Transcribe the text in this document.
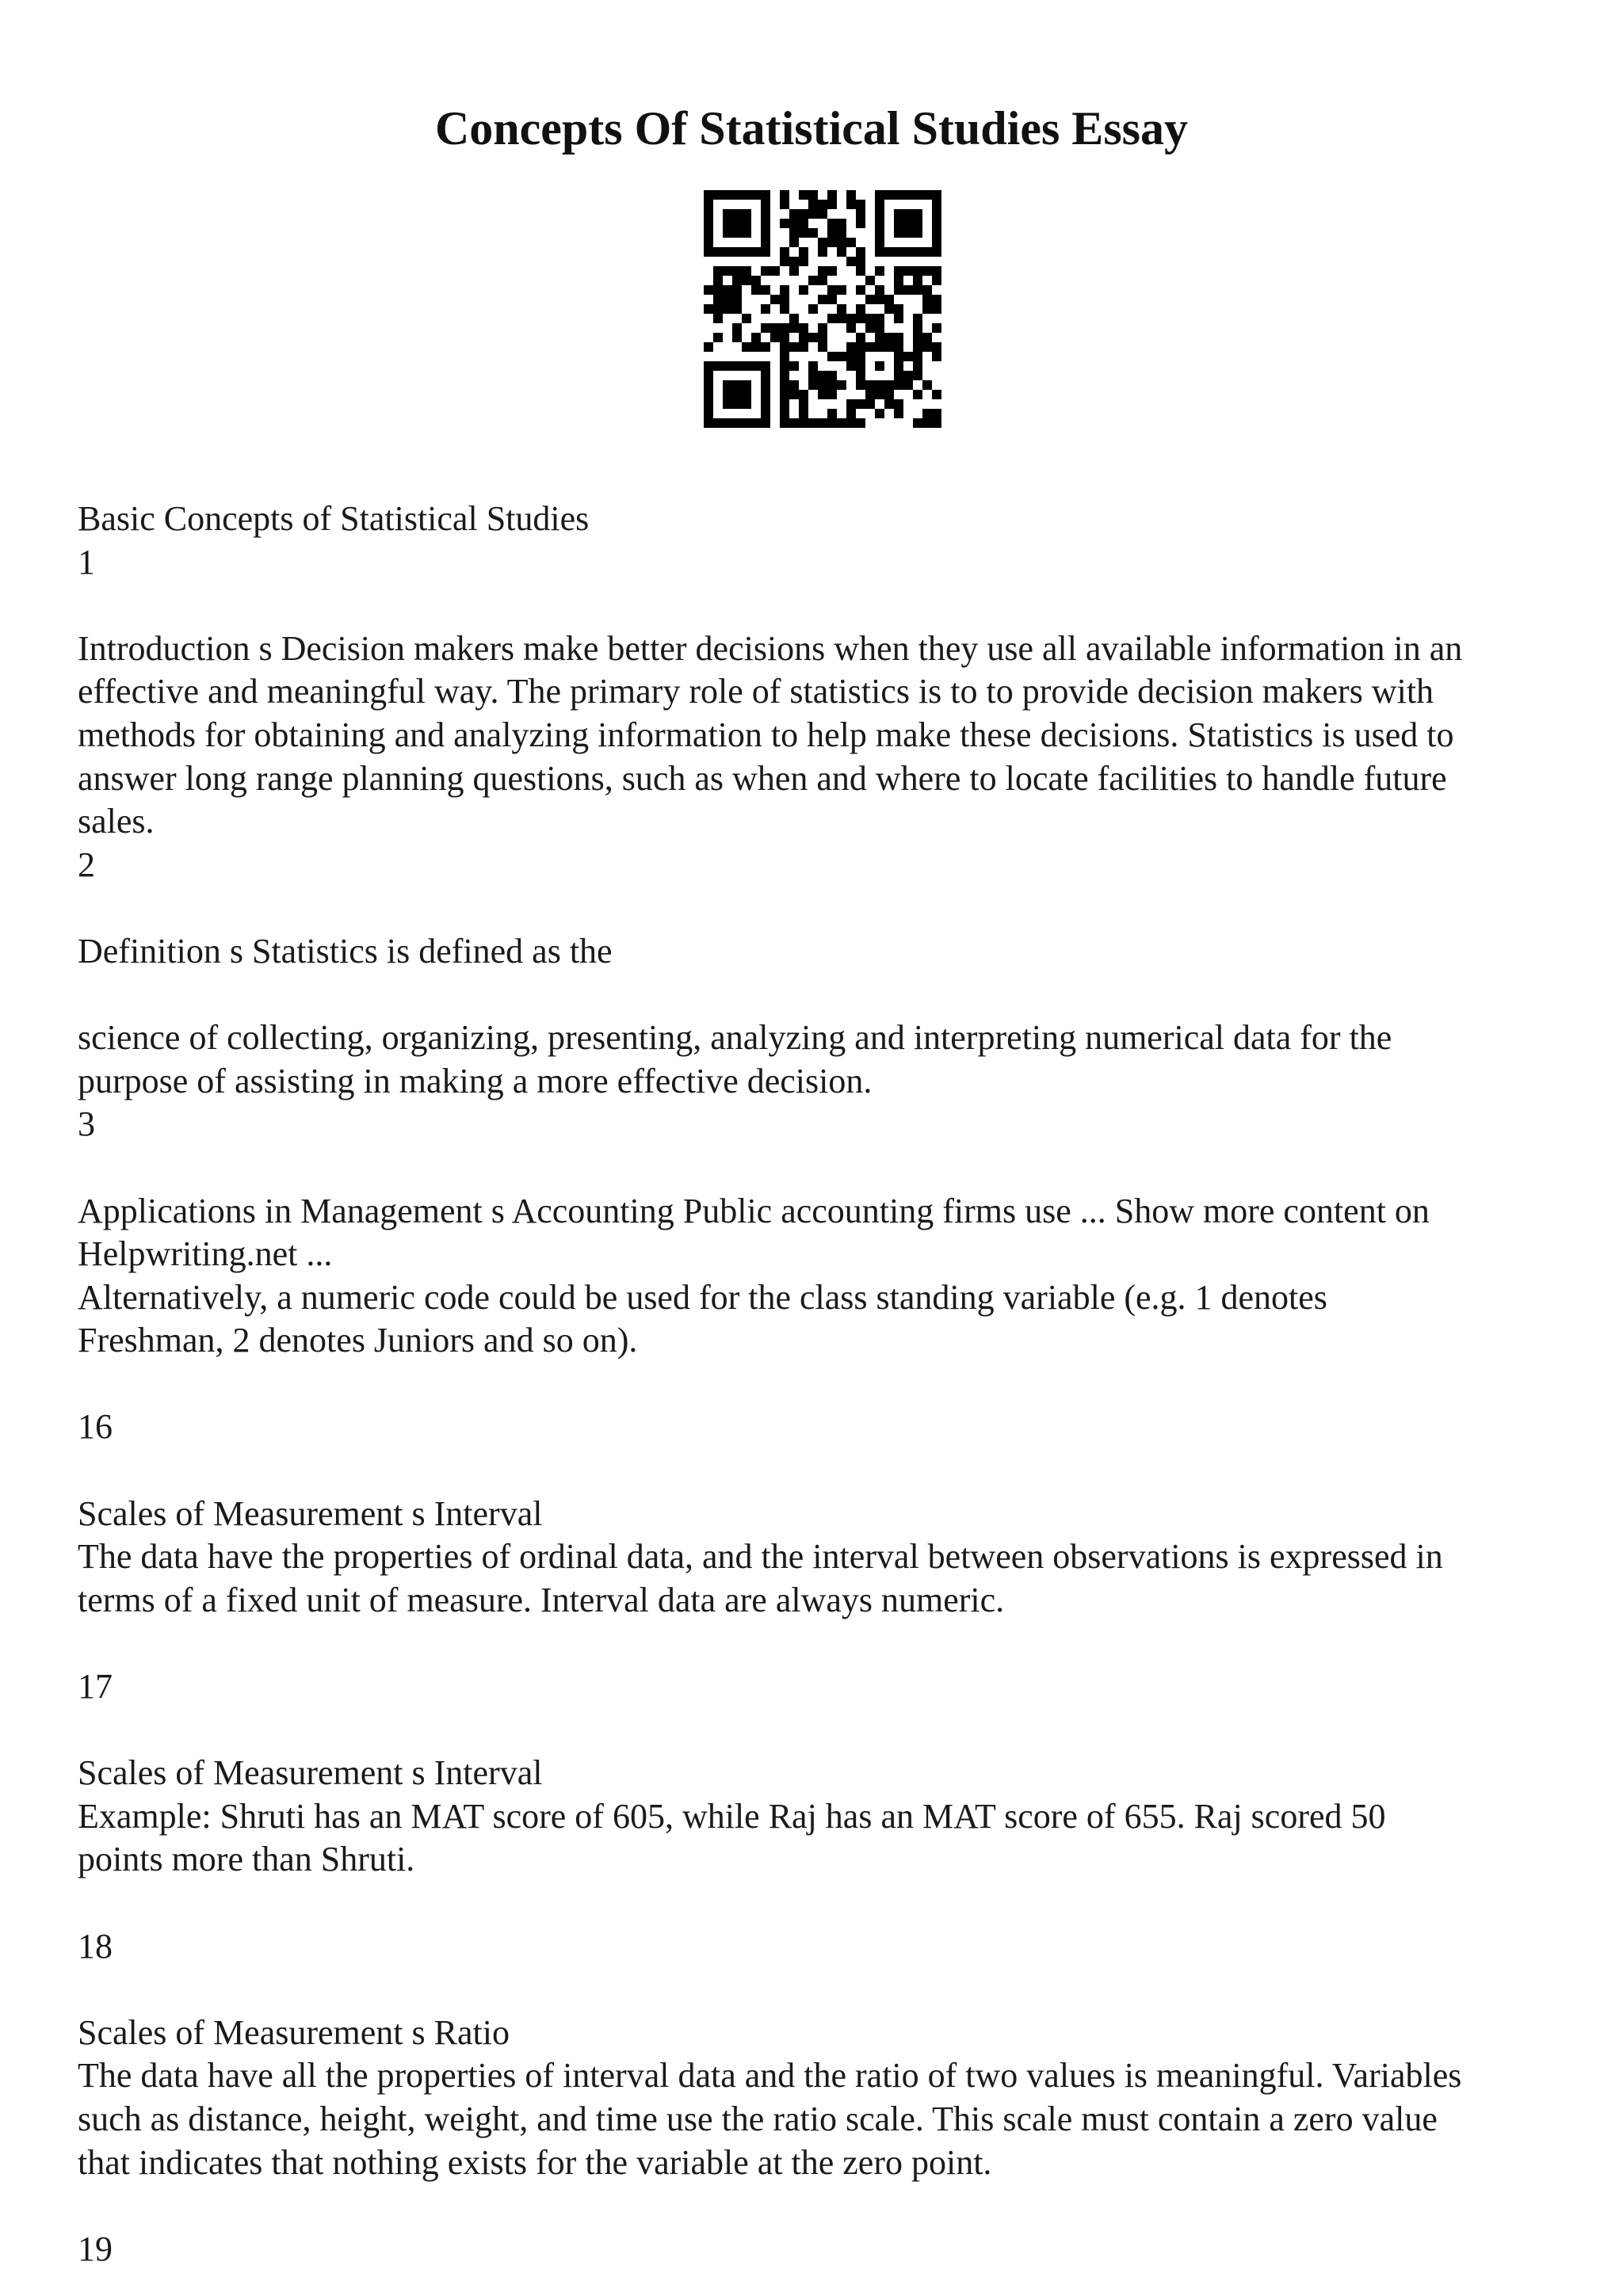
Concepts Of Statistical Studies Essay
Basic Concepts of Statistical Studies
1
Introduction s Decision makers make better decisions when they use all available information in an
effective and meaningful way. The primary role of statistics is to to provide decision makers with
methods for obtaining and analyzing information to help make these decisions. Statistics is used to
answer long range planning questions, such as when and where to locate facilities to handle future
sales.
2
Definition s Statistics is defined as the
science of collecting, organizing, presenting, analyzing and interpreting numerical data for the
purpose of assisting in making a more effective decision.
3
Applications in Management s Accounting Public accounting firms use ... Show more content on
Helpwriting.net ...
Alternatively, a numeric code could be used for the class standing variable (e.g. 1 denotes
Freshman, 2 denotes Juniors and so on).
16
Scales of Measurement s Interval
The data have the properties of ordinal data, and the interval between observations is expressed in
terms of a fixed unit of measure. Interval data are always numeric.
17
Scales of Measurement s Interval
Example: Shruti has an MAT score of 605, while Raj has an MAT score of 655. Raj scored 50
points more than Shruti.
18
Scales of Measurement s Ratio
The data have all the properties of interval data and the ratio of two values is meaningful. Variables
such as distance, height, weight, and time use the ratio scale. This scale must contain a zero value
that indicates that nothing exists for the variable at the zero point.
19
